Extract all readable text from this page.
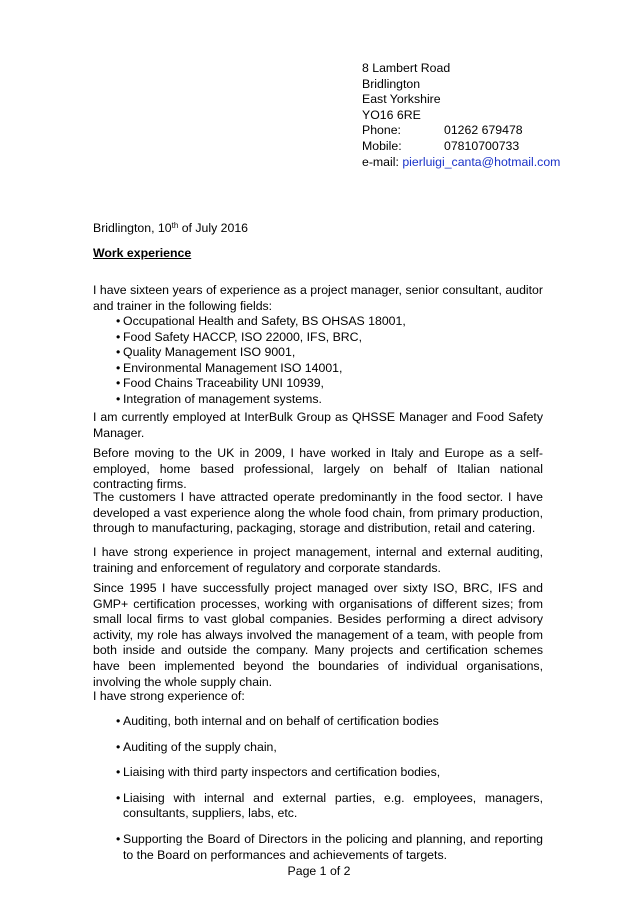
8 Lambert Road
Bridlington
East Yorkshire
YO16 6RE
Phone:	01262 679478
Mobile:	07810700733
e-mail: pierluigi_canta@hotmail.com
Bridlington, 10th of July 2016
Work experience
I have sixteen years of experience as a project manager, senior consultant, auditor and trainer in the following fields:
• Occupational Health and Safety, BS OHSAS 18001,
• Food Safety HACCP, ISO 22000, IFS, BRC,
• Quality Management ISO 9001,
• Environmental Management ISO 14001,
• Food Chains Traceability UNI 10939,
• Integration of management systems.
I am currently employed at InterBulk Group as QHSSE Manager and Food Safety Manager.
Before moving to the UK in 2009, I have worked in Italy and Europe as a self-employed, home based professional, largely on behalf of Italian national contracting firms.
The customers I have attracted operate predominantly in the food sector. I have developed a vast experience along the whole food chain, from primary production, through to manufacturing, packaging, storage and distribution, retail and catering.
I have strong experience in project management, internal and external auditing, training and enforcement of regulatory and corporate standards.
Since 1995 I have successfully project managed over sixty ISO, BRC, IFS and GMP+ certification processes, working with organisations of different sizes; from small local firms to vast global companies. Besides performing a direct advisory activity, my role has always involved the management of a team, with people from both inside and outside the company. Many projects and certification schemes have been implemented beyond the boundaries of individual organisations, involving the whole supply chain.
I have strong experience of:
• Auditing, both internal and on behalf of certification bodies
• Auditing of the supply chain,
• Liaising with third party inspectors and certification bodies,
• Liaising with internal and external parties, e.g. employees, managers, consultants, suppliers, labs, etc.
• Supporting the Board of Directors in the policing and planning, and reporting to the Board on performances and achievements of targets.
Page 1 of 2
